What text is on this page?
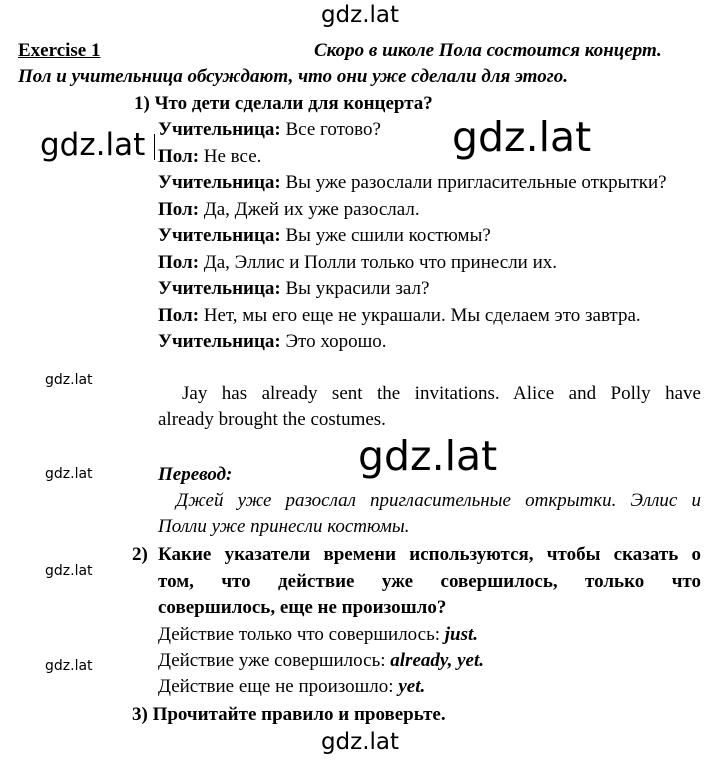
gdz.lat
gdz.lat	gdz.lat
gdz.lat
gdz.lat
gdz.lat
gdz.lat
gdz.lat
gdz.lat
Exercise 1	Скоро в школе Пола состоится концерт.
Пол и учительница обсуждают, что они уже сделали для этого.
1) Что дети сделали для концерта?
Учительница: Все готово?
Пол: Не все.
Учительница: Вы уже разослали пригласительные открытки?
Пол: Да, Джей их уже разослал.
Учительница: Вы уже сшили костюмы?
Пол: Да, Эллис и Полли только что принесли их.
Учительница: Вы украсили зал?
Пол: Нет, мы его еще не украшали. Мы сделаем это завтра.
Учительница: Это хорошо.
Jay has already sent the invitations. Alice and Polly have
already brought the costumes.
Перевод:
Джей уже разослал пригласительные открытки. Эллис и
Полли уже принесли костюмы.
2) Какие указатели времени используются, чтобы сказать о
том, что действие уже совершилось, только что
совершилось, еще не произошло?
Действие только что совершилось: just.
Действие уже совершилось: already, yet.
Действие еще не произошло: yet.
3) Прочитайте правило и проверьте.
